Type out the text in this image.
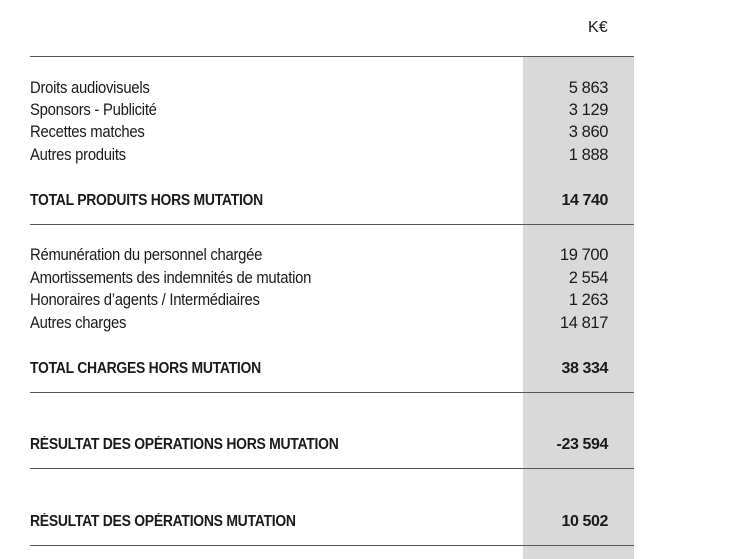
K€
Droits audiovisuels	5 863
Sponsors - Publicité	3 129
Recettes matches	3 860
Autres produits	1 888
TOTAL PRODUITS HORS MUTATION	14 740
Rémunération du personnel chargée	19 700
Amortissements des indemnités de mutation	2 554
Honoraires d’agents / Intermédiaires	1 263
Autres charges	14 817
TOTAL CHARGES HORS MUTATION	38 334
RÉSULTAT DES OPÉRATIONS HORS MUTATION	-23 594
RÉSULTAT DES OPÉRATIONS MUTATION	10 502
